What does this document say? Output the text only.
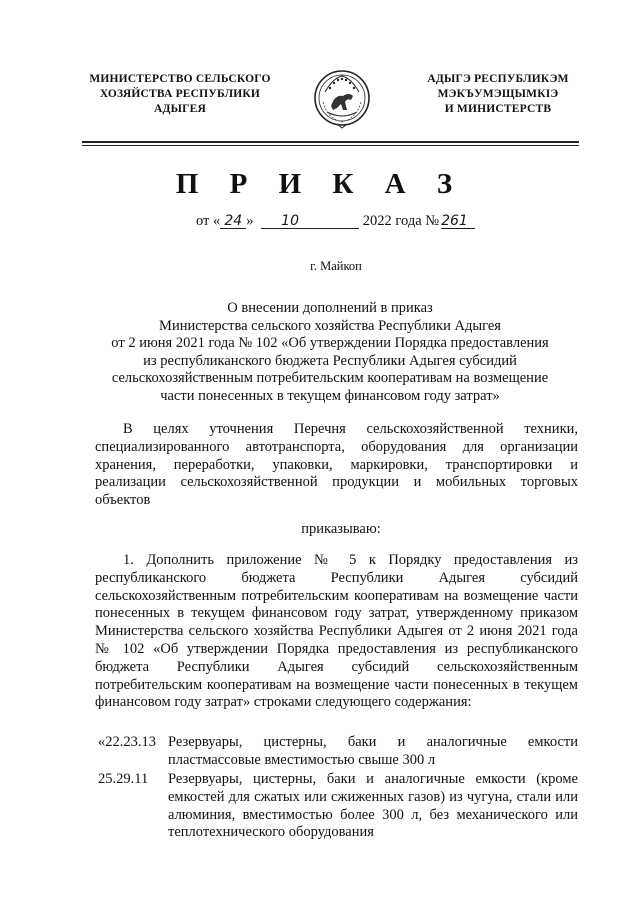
МИНИСТЕРСТВО СЕЛЬСКОГО
ХОЗЯЙСТВА РЕСПУБЛИКИ
АДЫГЕЯ
АДЫГЭ РЕСПУБЛИКЭМ
МЭКЪУМЭЩЫМКIЭ
И МИНИСТЕРСТВ
П Р И К А З
от « 24 » 10	2022 года № 261
г. Майкоп
О внесении дополнений в приказ
Министерства сельского хозяйства Республики Адыгея
от 2 июня 2021 года № 102 «Об утверждении Порядка предоставления
из республиканского бюджета Республики Адыгея субсидий
сельскохозяйственным потребительским кооперативам на возмещение
части понесенных в текущем финансовом году затрат»
В целях уточнения Перечня сельскохозяйственной техники, специализированного автотранспорта, оборудования для организации хранения, переработки, упаковки, маркировки, транспортировки и реализации сельскохозяйственной продукции и мобильных торговых объектов
приказываю:
1. Дополнить приложение № 5 к Порядку предоставления из республиканского бюджета Республики Адыгея субсидий сельскохозяйственным потребительским кооперативам на возмещение части понесенных в текущем финансовом году затрат, утвержденному приказом Министерства сельского хозяйства Республики Адыгея от 2 июня 2021 года № 102 «Об утверждении Порядка предоставления из республиканского бюджета Республики Адыгея субсидий сельскохозяйственным потребительским кооперативам на возмещение части понесенных в текущем финансовом году затрат» строками следующего содержания:
«22.23.13 Резервуары, цистерны, баки и аналогичные емкости пластмассовые вместимостью свыше 300 л
25.29.11	Резервуары, цистерны, баки и аналогичные емкости (кроме емкостей для сжатых или сжиженных газов) из чугуна, стали или алюминия, вместимостью более 300 л, без механического или теплотехнического оборудования
